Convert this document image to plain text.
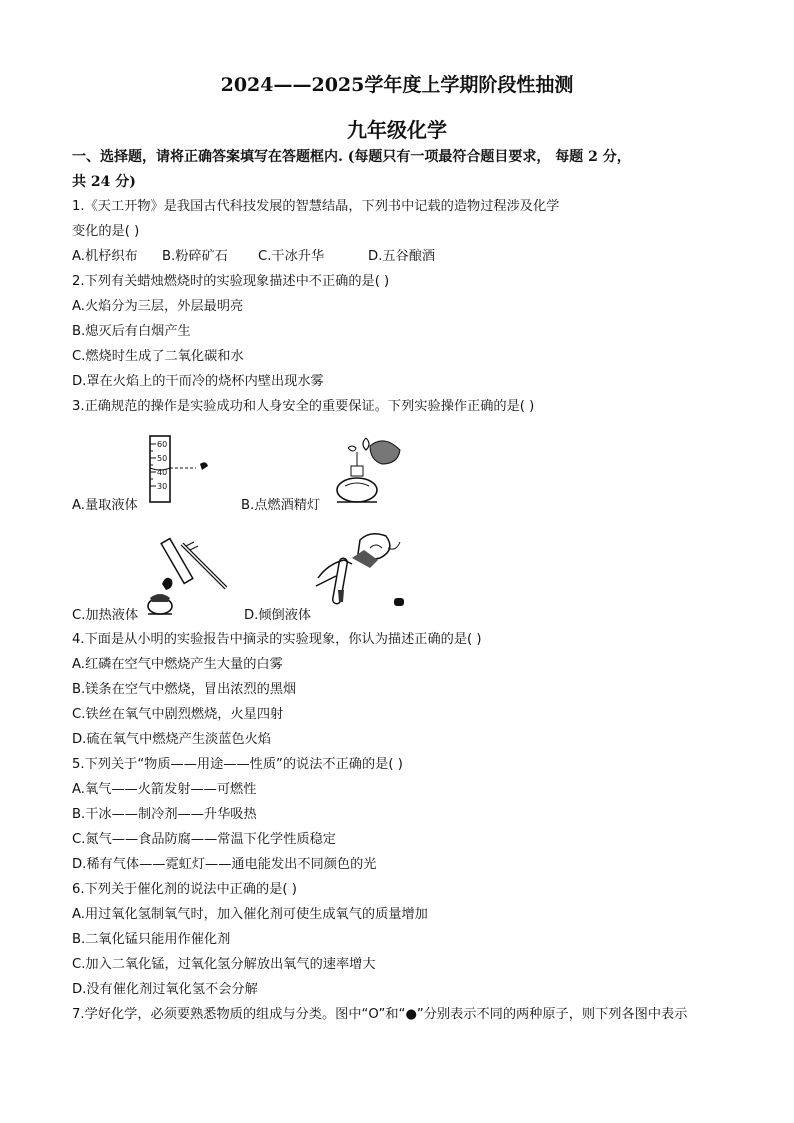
2024——2025学年度上学期阶段性抽测
九年级化学
一、选择题，请将正确答案填写在答题框内. (每题只有一项最符合题目要求， 每题 2 分，
共 24 分)
1.《天工开物》是我国古代科技发展的智慧结晶，下列书中记载的造物过程涉及化学
变化的是( )
A.机杼织布 B.粉碎矿石 C.干冰升华	D.五谷酿酒
2.下列有关蜡烛燃烧时的实验现象描述中不正确的是( )
A.火焰分为三层，外层最明亮
B.熄灭后有白烟产生
C.燃烧时生成了二氧化碳和水
D.罩在火焰上的干而冷的烧杯内壁出现水雾
3.正确规范的操作是实验成功和人身安全的重要保证。下列实验操作正确的是( )
60
50
40
30
A.量取液体	B.点燃酒精灯
C.加热液体	D.倾倒液体
4.下面是从小明的实验报告中摘录的实验现象，你认为描述正确的是( )
A.红磷在空气中燃烧产生大量的白雾
B.镁条在空气中燃烧，冒出浓烈的黑烟
C.铁丝在氧气中剧烈燃烧，火星四射
D.硫在氧气中燃烧产生淡蓝色火焰
5.下列关于“物质——用途——性质”的说法不正确的是( )
A.氧气——火箭发射——可燃性
B.干冰——制冷剂——升华吸热
C.氮气——食品防腐——常温下化学性质稳定
D.稀有气体——霓虹灯——通电能发出不同颜色的光
6.下列关于催化剂的说法中正确的是( )
A.用过氧化氢制氧气时，加入催化剂可使生成氧气的质量增加
B.二氧化锰只能用作催化剂
C.加入二氧化锰，过氧化氢分解放出氧气的速率增大
D.没有催化剂过氧化氢不会分解
7.学好化学，必须要熟悉物质的组成与分类。图中“O”和“●”分别表示不同的两种原子，则下列各图中表示
